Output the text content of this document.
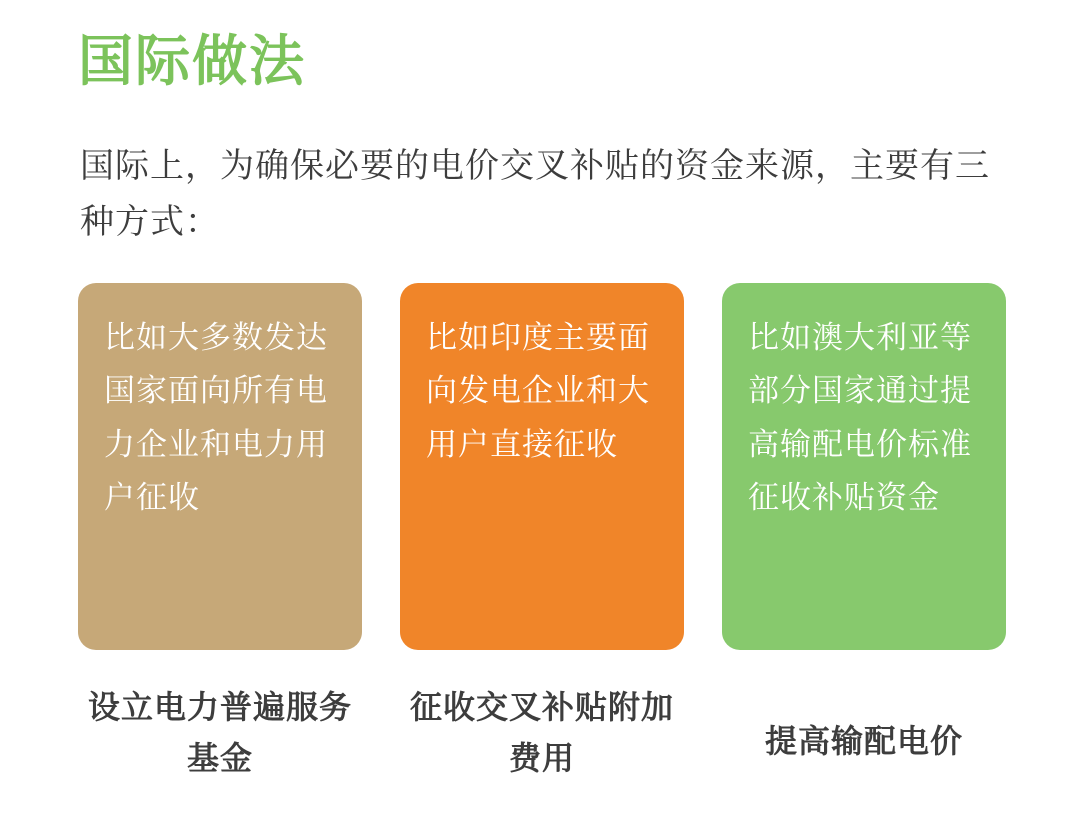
国际做法
国际上，为确保必要的电价交叉补贴的资金来源，主要有三种方式：
比如大多数发达国家面向所有电力企业和电力用户征收
设立电力普遍服务基金
比如印度主要面向发电企业和大用户直接征收
征收交叉补贴附加费用
比如澳大利亚等部分国家通过提高输配电价标准征收补贴资金
提高输配电价
